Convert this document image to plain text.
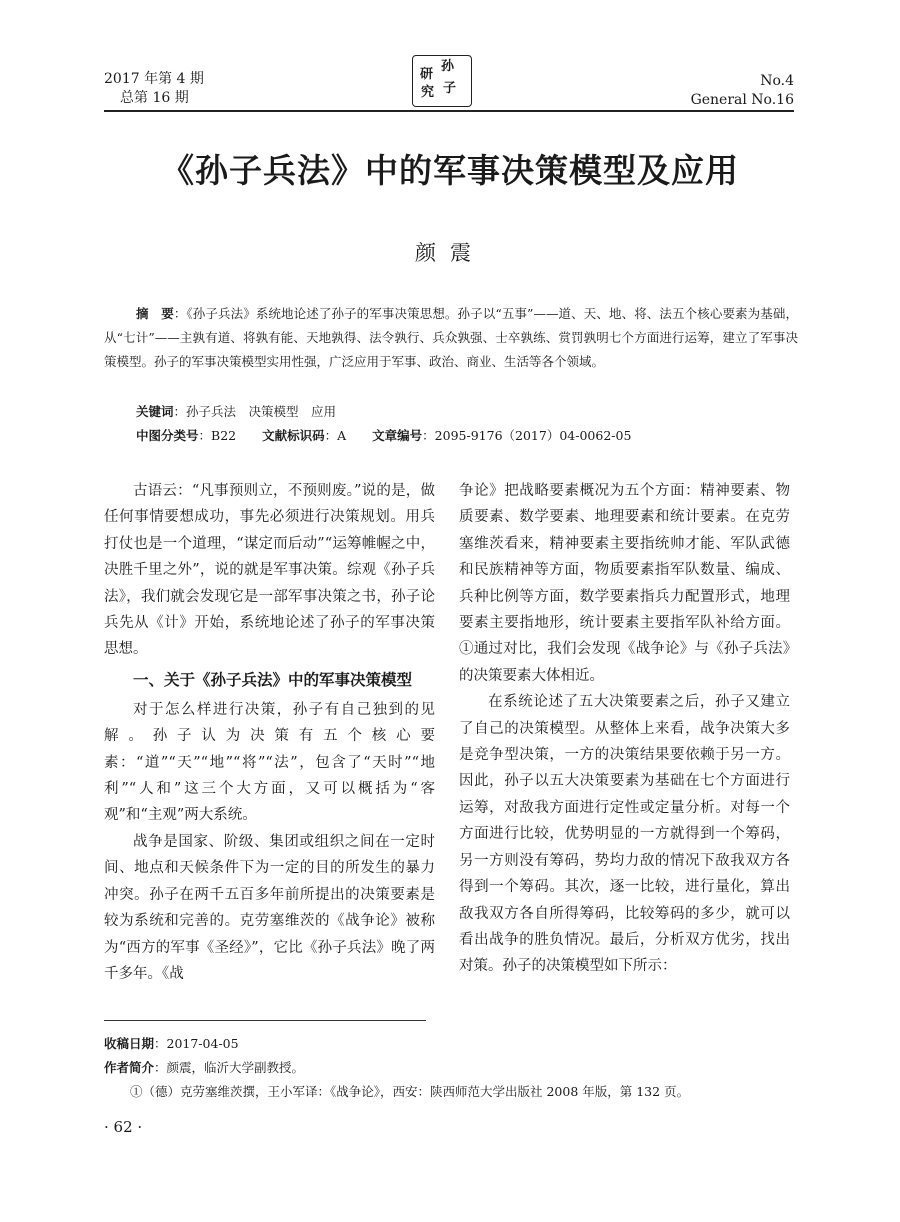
2017 年第 4 期
总第 16 期
研
孙
究 子	No.4
General No.16
《孙子兵法》中的军事决策模型及应用
颜震

摘　要：《孙子兵法》系统地论述了孙子的军事决策思想。孙子以“五事”——道、天、地、将、法五个核心要素为基础，从“七计”——主孰有道、将孰有能、天地孰得、法令孰行、兵众孰强、士卒孰练、赏罚孰明七个方面进行运筹，建立了军事决策模型。孙子的军事决策模型实用性强，广泛应用于军事、政治、商业、生活等各个领域。

关键词：孙子兵法　决策模型　应用
中图分类号：B22 文献标识码：A 文章编号：2095-9176（2017）04-0062-05

古语云：“凡事预则立，不预则废。”说的是，做任何事情要想成功，事先必须进行决策规划。用兵打仗也是一个道理，“谋定而后动”“运筹帷幄之中，决胜千里之外”，说的就是军事决策。综观《孙子兵法》，我们就会发现它是一部军事决策之书，孙子论兵先从《计》开始，系统地论述了孙子的军事决策思想。

一、关于《孙子兵法》中的军事决策模型

对于怎么样进行决策，孙子有自己独到的见解。孙子认为决策有五个核心要素：“道”“天”“地”“将”“法”，包含了“天时”“地利”“人和”这三个大方面，又可以概括为“客观”和“主观”两大系统。

战争是国家、阶级、集团或组织之间在一定时间、地点和天候条件下为一定的目的所发生的暴力冲突。孙子在两千五百多年前所提出的决策要素是较为系统和完善的。克劳塞维茨的《战争论》被称为“西方的军事《圣经》”，它比《孙子兵法》晚了两千多年。《战

争论》把战略要素概况为五个方面：精神要素、物质要素、数学要素、地理要素和统计要素。在克劳塞维茨看来，精神要素主要指统帅才能、军队武德和民族精神等方面，物质要素指军队数量、编成、兵种比例等方面，数学要素指兵力配置形式，地理要素主要指地形，统计要素主要指军队补给方面。①通过对比，我们会发现《战争论》与《孙子兵法》的决策要素大体相近。

在系统论述了五大决策要素之后，孙子又建立了自己的决策模型。从整体上来看，战争决策大多是竞争型决策，一方的决策结果要依赖于另一方。因此，孙子以五大决策要素为基础在七个方面进行运筹，对敌我方面进行定性或定量分析。对每一个方面进行比较，优势明显的一方就得到一个筹码，另一方则没有筹码，势均力敌的情况下敌我双方各得到一个筹码。其次，逐一比较，进行量化，算出敌我双方各自所得筹码，比较筹码的多少，就可以看出战争的胜负情况。最后，分析双方优劣，找出对策。孙子的决策模型如下所示：

收稿日期：2017-04-05
作者简介：颜震，临沂大学副教授。
①（德）克劳塞维茨撰，王小军译：《战争论》，西安：陕西师范大学出版社 2008 年版，第 132 页。
· 62 ·
